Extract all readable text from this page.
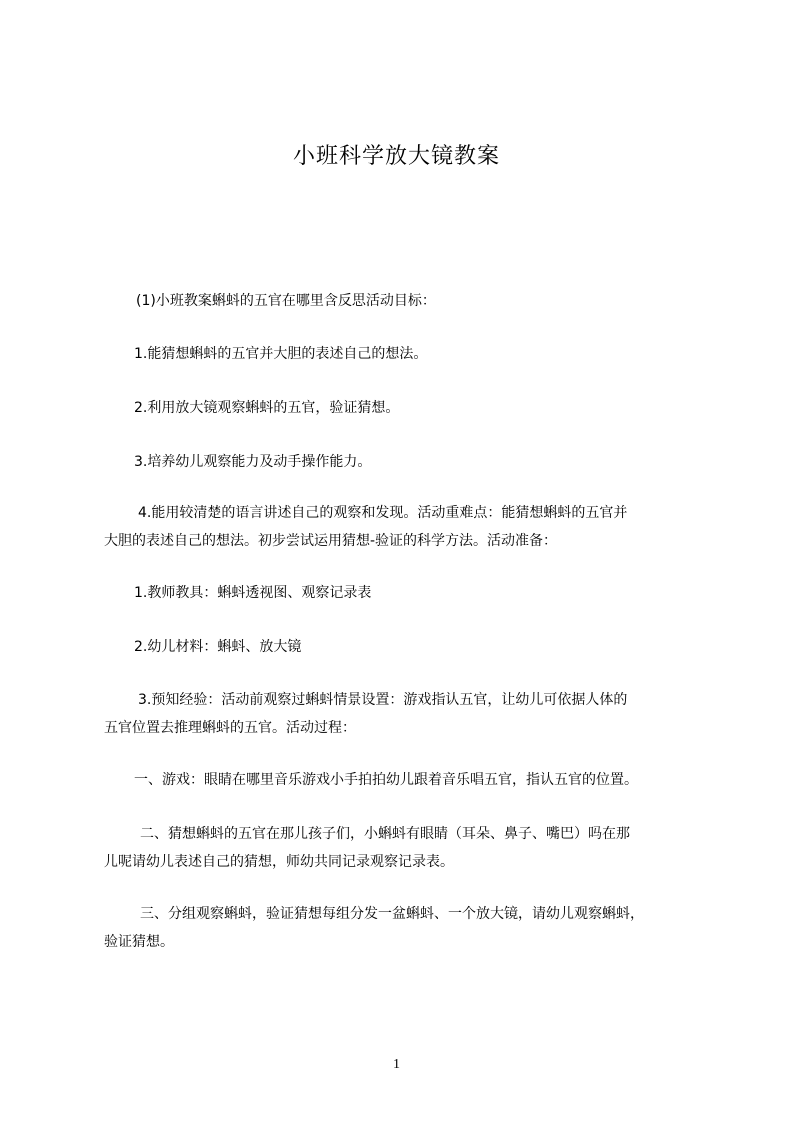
小班科学放大镜教案
(1)小班教案蝌蚪的五官在哪里含反思活动目标：
1.能猜想蝌蚪的五官并大胆的表述自己的想法。
2.利用放大镜观察蝌蚪的五官，验证猜想。
3.培养幼儿观察能力及动手操作能力。
4.能用较清楚的语言讲述自己的观察和发现。活动重难点：能猜想蝌蚪的五官并
大胆的表述自己的想法。初步尝试运用猜想-验证的科学方法。活动准备：
1.教师教具：蝌蚪透视图、观察记录表
2.幼儿材料：蝌蚪、放大镜
3.预知经验：活动前观察过蝌蚪情景设置：游戏指认五官，让幼儿可依据人体的
五官位置去推理蝌蚪的五官。活动过程：
一、游戏：眼睛在哪里音乐游戏小手拍拍幼儿跟着音乐唱五官，指认五官的位置。
二、猜想蝌蚪的五官在那儿孩子们，小蝌蚪有眼睛（耳朵、鼻子、嘴巴）吗在那
儿呢请幼儿表述自己的猜想，师幼共同记录观察记录表。
三、分组观察蝌蚪，验证猜想每组分发一盆蝌蚪、一个放大镜，请幼儿观察蝌蚪，
验证猜想。
1
